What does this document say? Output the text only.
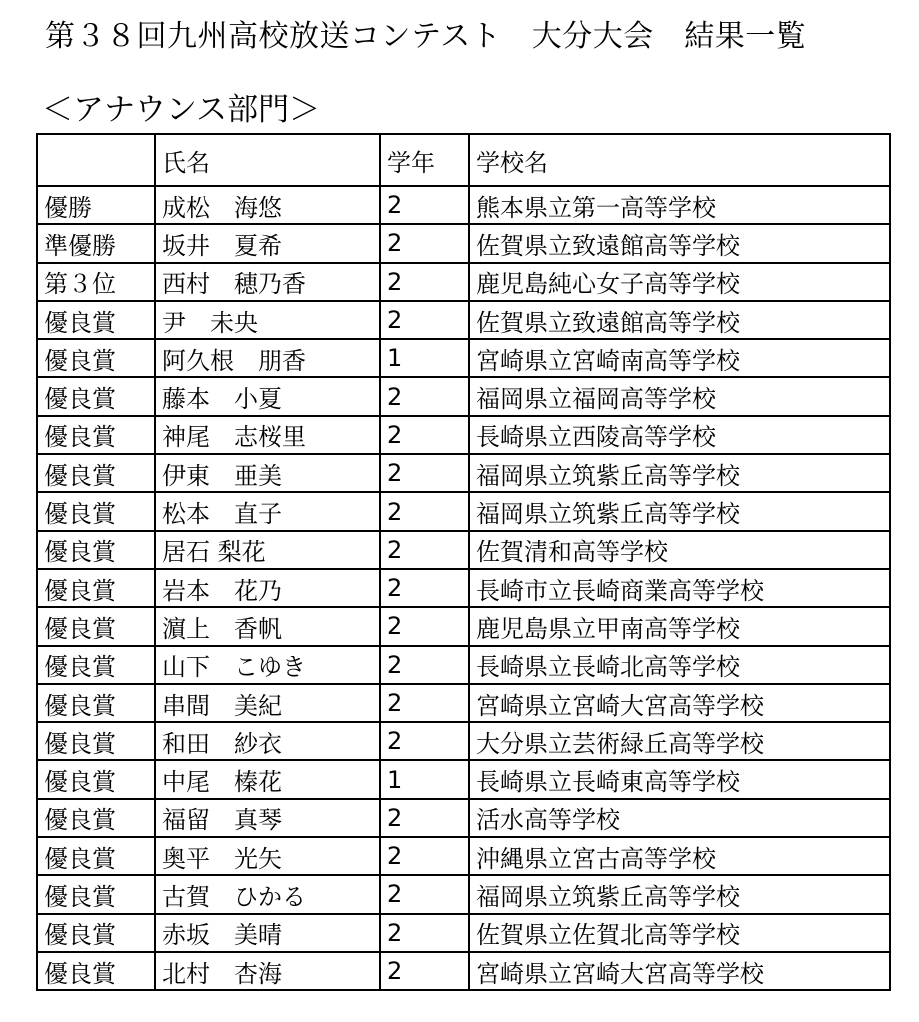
第３８回九州高校放送コンテスト　大分大会　結果一覧
＜アナウンス部門＞
	氏名	学年	学校名
優勝	成松　海悠	2	熊本県立第一高等学校
準優勝	坂井　夏希	2	佐賀県立致遠館高等学校
第３位	西村　穂乃香	2	鹿児島純心女子高等学校
優良賞	尹　未央	2	佐賀県立致遠館高等学校
優良賞	阿久根　朋香	1	宮崎県立宮崎南高等学校
優良賞	藤本　小夏	2	福岡県立福岡高等学校
優良賞	神尾　志桜里	2	長崎県立西陵高等学校
優良賞	伊東　亜美	2	福岡県立筑紫丘高等学校
優良賞	松本　直子	2	福岡県立筑紫丘高等学校
優良賞	居石 梨花	2	佐賀清和高等学校
優良賞	岩本　花乃	2	長崎市立長崎商業高等学校
優良賞	濵上　香帆	2	鹿児島県立甲南高等学校
優良賞	山下　こゆき	2	長崎県立長崎北高等学校
優良賞	串間　美紀	2	宮崎県立宮崎大宮高等学校
優良賞	和田　紗衣	2	大分県立芸術緑丘高等学校
優良賞	中尾　榛花	1	長崎県立長崎東高等学校
優良賞	福留　真琴	2	活水高等学校
優良賞	奥平　光矢	2	沖縄県立宮古高等学校
優良賞	古賀　ひかる	2	福岡県立筑紫丘高等学校
優良賞	赤坂　美晴	2	佐賀県立佐賀北高等学校
優良賞	北村　杏海	2	宮崎県立宮崎大宮高等学校
